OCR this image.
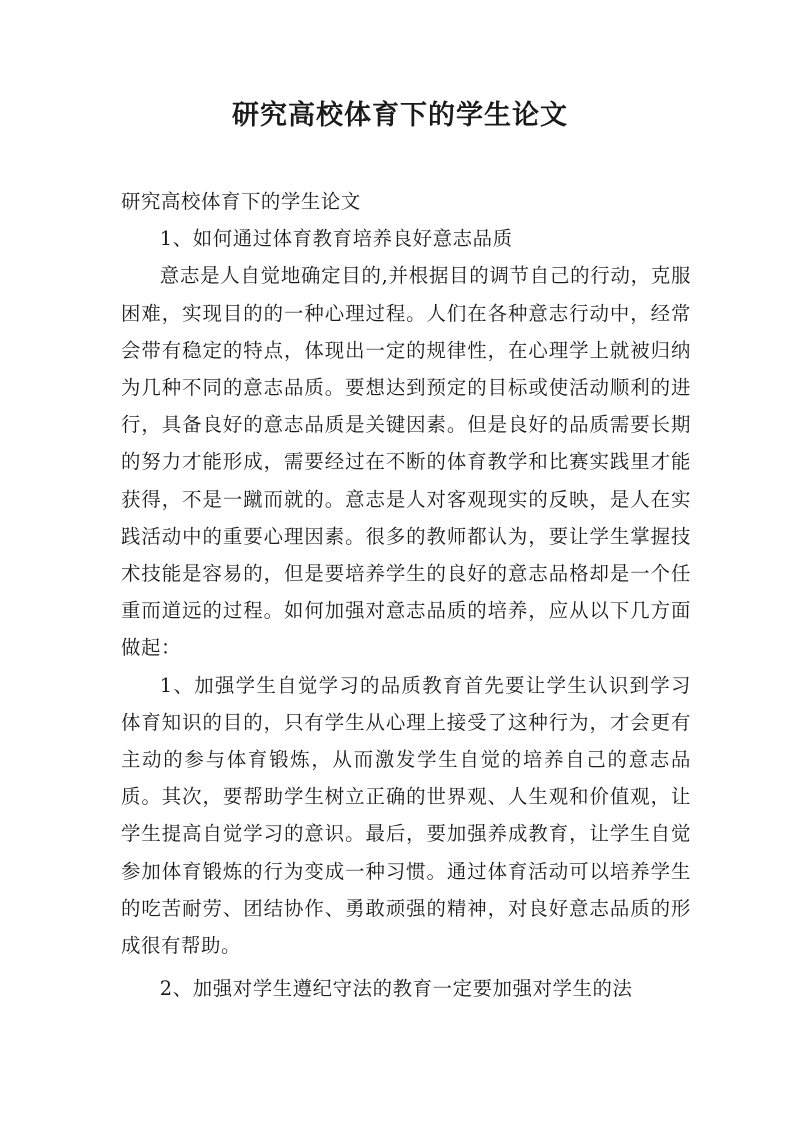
研究高校体育下的学生论文

研究高校体育下的学生论文

1、如何通过体育教育培养良好意志品质

意志是人自觉地确定目的,并根据目的调节自己的行动，克服困难，实现目的的一种心理过程。人们在各种意志行动中，经常会带有稳定的特点，体现出一定的规律性，在心理学上就被归纳为几种不同的意志品质。要想达到预定的目标或使活动顺利的进行，具备良好的意志品质是关键因素。但是良好的品质需要长期的努力才能形成，需要经过在不断的体育教学和比赛实践里才能获得，不是一蹴而就的。意志是人对客观现实的反映，是人在实践活动中的重要心理因素。很多的教师都认为，要让学生掌握技术技能是容易的，但是要培养学生的良好的意志品格却是一个任重而道远的过程。如何加强对意志品质的培养，应从以下几方面做起：

1、加强学生自觉学习的品质教育首先要让学生认识到学习体育知识的目的，只有学生从心理上接受了这种行为，才会更有主动的参与体育锻炼，从而激发学生自觉的培养自己的意志品质。其次，要帮助学生树立正确的世界观、人生观和价值观，让学生提高自觉学习的意识。最后，要加强养成教育，让学生自觉参加体育锻炼的行为变成一种习惯。通过体育活动可以培养学生的吃苦耐劳、团结协作、勇敢顽强的精神，对良好意志品质的形成很有帮助。

2、加强对学生遵纪守法的教育一定要加强对学生的法
